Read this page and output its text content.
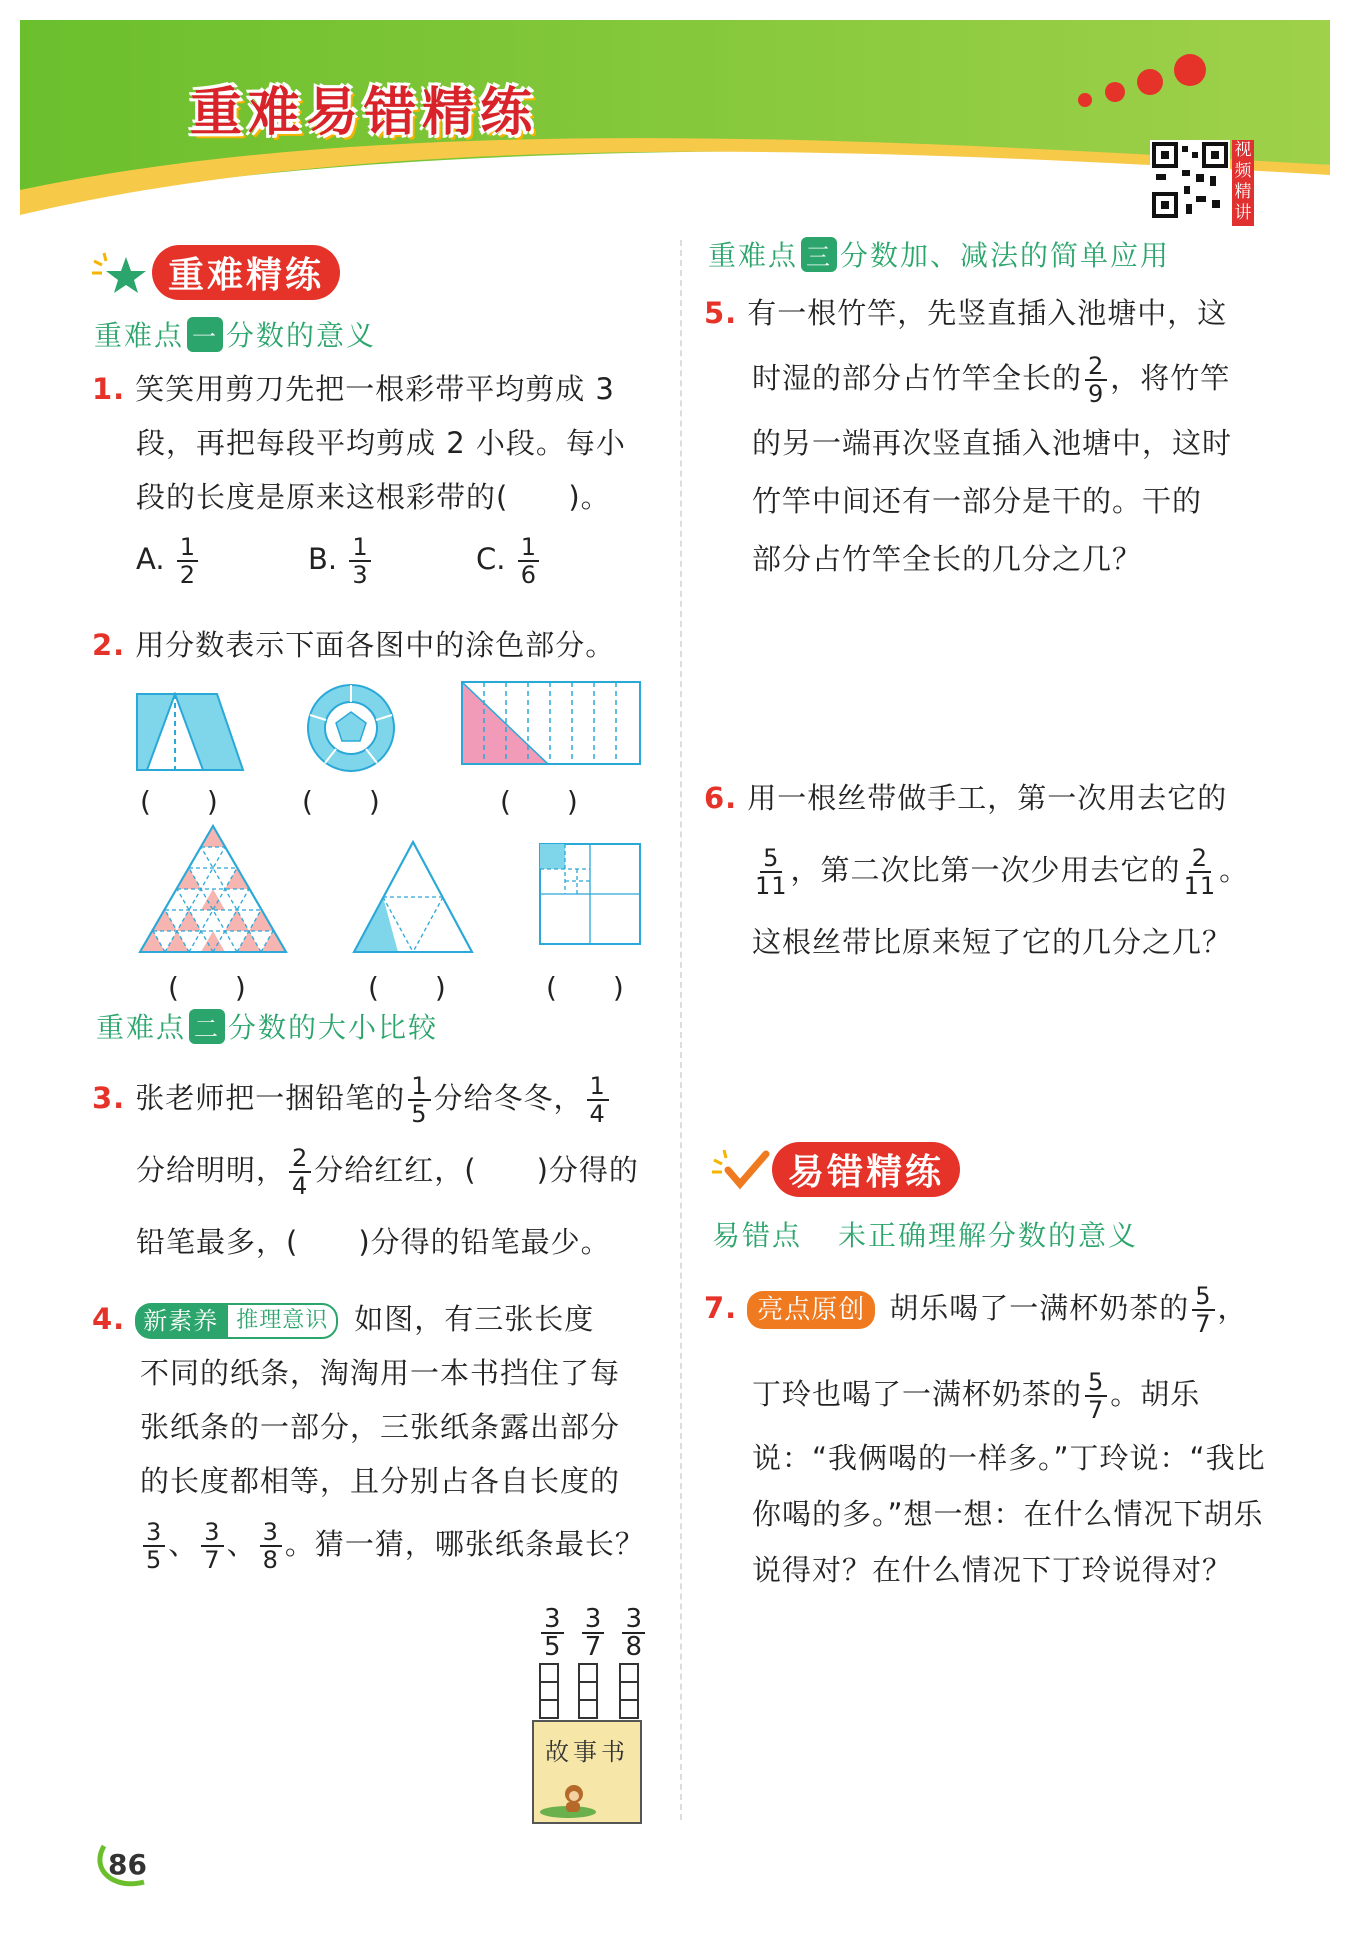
重难易错精练
视频精讲
重难精练
重难点 一 分数的意义
1. 笑笑用剪刀先把一根彩带平均剪成 3
段，再把每段平均剪成 2 小段。每小
段的长度是原来这根彩带的(　　)。
A. $\frac{1}{2}$	B. $\frac{1}{3}$	C. $\frac{1}{6}$
2. 用分数表示下面各图中的涂色部分。
(　　)	(　　)	(　　)
(　　)	(　　)	(　　)
重难点 二 分数的大小比较
3. 张老师把一捆铅笔的 $\frac{1}{5}$ 分给冬冬， $\frac{1}{4}$
分给明明， $\frac{2}{4}$ 分给红红，(　　)分得的
铅笔最多，(　　)分得的铅笔最少。
4. 新素养 推理意识 如图，有三张长度
不同的纸条，淘淘用一本书挡住了每
张纸条的一部分，三张纸条露出部分
的长度都相等，且分别占各自长度的
$\frac{3}{5}$ 、 $\frac{3}{7}$ 、 $\frac{3}{8}$ 。猜一猜，哪张纸条最长？
$\frac{3}{5} \frac{3}{7} \frac{3}{8}$
故事书
重难点 三 分数加、减法的简单应用
5. 有一根竹竿，先竖直插入池塘中，这
时湿的部分占竹竿全长的 $\frac{2}{9}$ ，将竹竿
的另一端再次竖直插入池塘中，这时
竹竿中间还有一部分是干的。干的
部分占竹竿全长的几分之几？
6. 用一根丝带做手工，第一次用去它的
$\frac{5}{11}$ ，第二次比第一次少用去它的 $\frac{2}{11}$ 。
这根丝带比原来短了它的几分之几？
易错精练
易错点 未正确理解分数的意义
7. 亮点原创 胡乐喝了一满杯奶茶的 $\frac{5}{7}$ ，
丁玲也喝了一满杯奶茶的 $\frac{5}{7}$ 。胡乐
说：“我俩喝的一样多。”丁玲说：“我比
你喝的多。”想一想：在什么情况下胡乐
说得对？在什么情况下丁玲说得对？
86
